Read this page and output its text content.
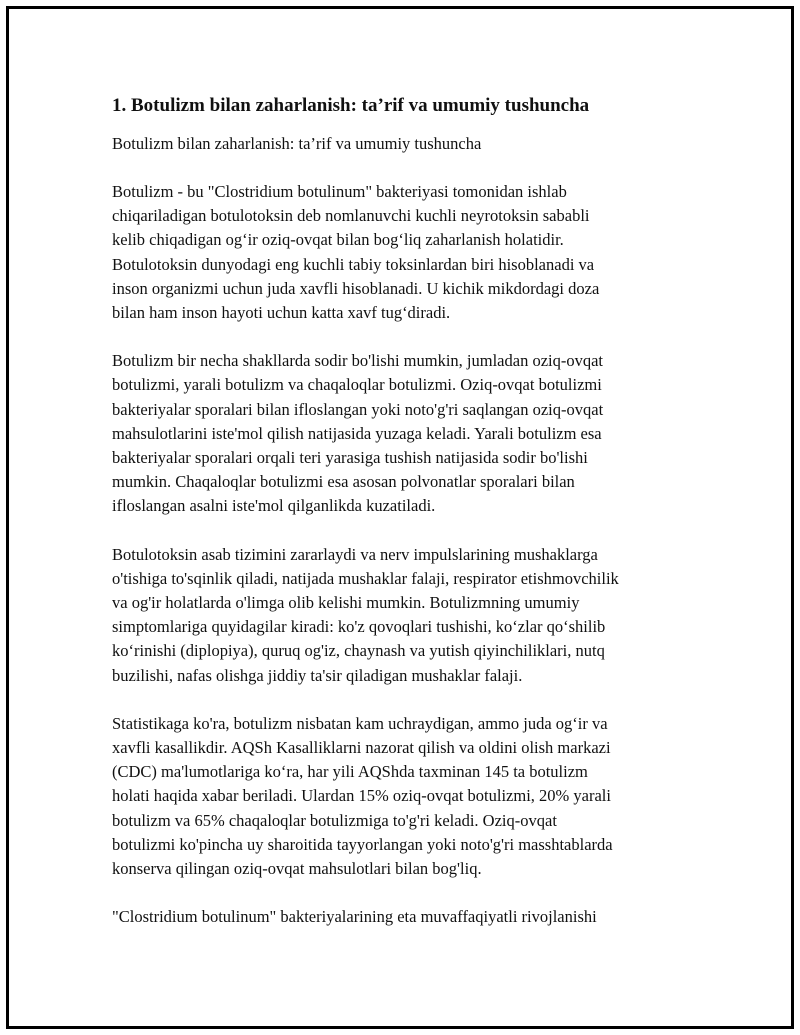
1. Botulizm bilan zaharlanish: ta’rif va umumiy tushuncha
Botulizm bilan zaharlanish: ta’rif va umumiy tushuncha
Botulizm - bu "Clostridium botulinum" bakteriyasi tomonidan ishlab
chiqariladigan botulotoksin deb nomlanuvchi kuchli neyrotoksin sababli
kelib chiqadigan og‘ir oziq-ovqat bilan bog‘liq zaharlanish holatidir.
Botulotoksin dunyodagi eng kuchli tabiy toksinlardan biri hisoblanadi va
inson organizmi uchun juda xavfli hisoblanadi. U kichik mikdordagi doza
bilan ham inson hayoti uchun katta xavf tug‘diradi.
Botulizm bir necha shakllarda sodir bo'lishi mumkin, jumladan oziq-ovqat
botulizmi, yarali botulizm va chaqaloqlar botulizmi. Oziq-ovqat botulizmi
bakteriyalar sporalari bilan ifloslangan yoki noto'g'ri saqlangan oziq-ovqat
mahsulotlarini iste'mol qilish natijasida yuzaga keladi. Yarali botulizm esa
bakteriyalar sporalari orqali teri yarasiga tushish natijasida sodir bo'lishi
mumkin. Chaqaloqlar botulizmi esa asosan polvonatlar sporalari bilan
ifloslangan asalni iste'mol qilganlikda kuzatiladi.
Botulotoksin asab tizimini zararlaydi va nerv impulslarining mushaklarga
o'tishiga to'sqinlik qiladi, natijada mushaklar falaji, respirator etishmovchilik
va og'ir holatlarda o'limga olib kelishi mumkin. Botulizmning umumiy
simptomlariga quyidagilar kiradi: ko'z qovoqlari tushishi, ko‘zlar qo‘shilib
ko‘rinishi (diplopiya), quruq og'iz, chaynash va yutish qiyinchiliklari, nutq
buzilishi, nafas olishga jiddiy ta'sir qiladigan mushaklar falaji.
Statistikaga ko'ra, botulizm nisbatan kam uchraydigan, ammo juda og‘ir va
xavfli kasallikdir. AQSh Kasalliklarni nazorat qilish va oldini olish markazi
(CDC) ma'lumotlariga ko‘ra, har yili AQShda taxminan 145 ta botulizm
holati haqida xabar beriladi. Ulardan 15% oziq-ovqat botulizmi, 20% yarali
botulizm va 65% chaqaloqlar botulizmiga to'g'ri keladi. Oziq-ovqat
botulizmi ko'pincha uy sharoitida tayyorlangan yoki noto'g'ri masshtablarda
konserva qilingan oziq-ovqat mahsulotlari bilan bog'liq.
"Clostridium botulinum" bakteriyalarining eta muvaffaqiyatli rivojlanishi
